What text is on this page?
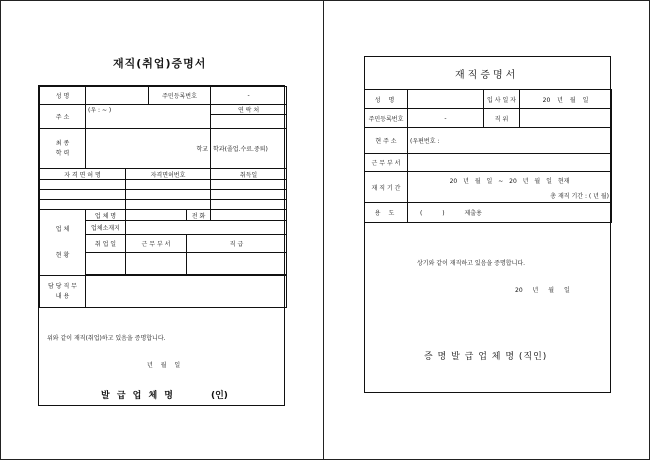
성 명			주민등록번호		-
주 소	(우 : ~ )				연 락 처

최 종
학 력	학교				학과(졸업.수료.중퇴)
자 격 면 허 명		자격면허번호			취득일

업 체
현 황	업 체 명			전 화	
	업체소재지				
	취 업 일	근 무 부 서		직 급	

담 당 직 무
내 용					
위와 같이 재직(취업)하고 있음을 증명합니다.
년 월 일
발 급 업 체 명	(인)
재직(취업)증명서
재직증명서
성 명		입 사 일 자	20 년 월 일
주민등록번호	-	직 위	
현 주 소	(우편번호 :		
근 무 부 서			
재 직 기 간	20 년 월 일 ~ 20 년 월 일 현재		
	총 재직 기간 : ( 년 월)		
용 도	( ) 제출용		
상기와 같이 재직하고 있음을 증명합니다.
20 년 월 일
증 명 발 급 업 체 명 (직인)
